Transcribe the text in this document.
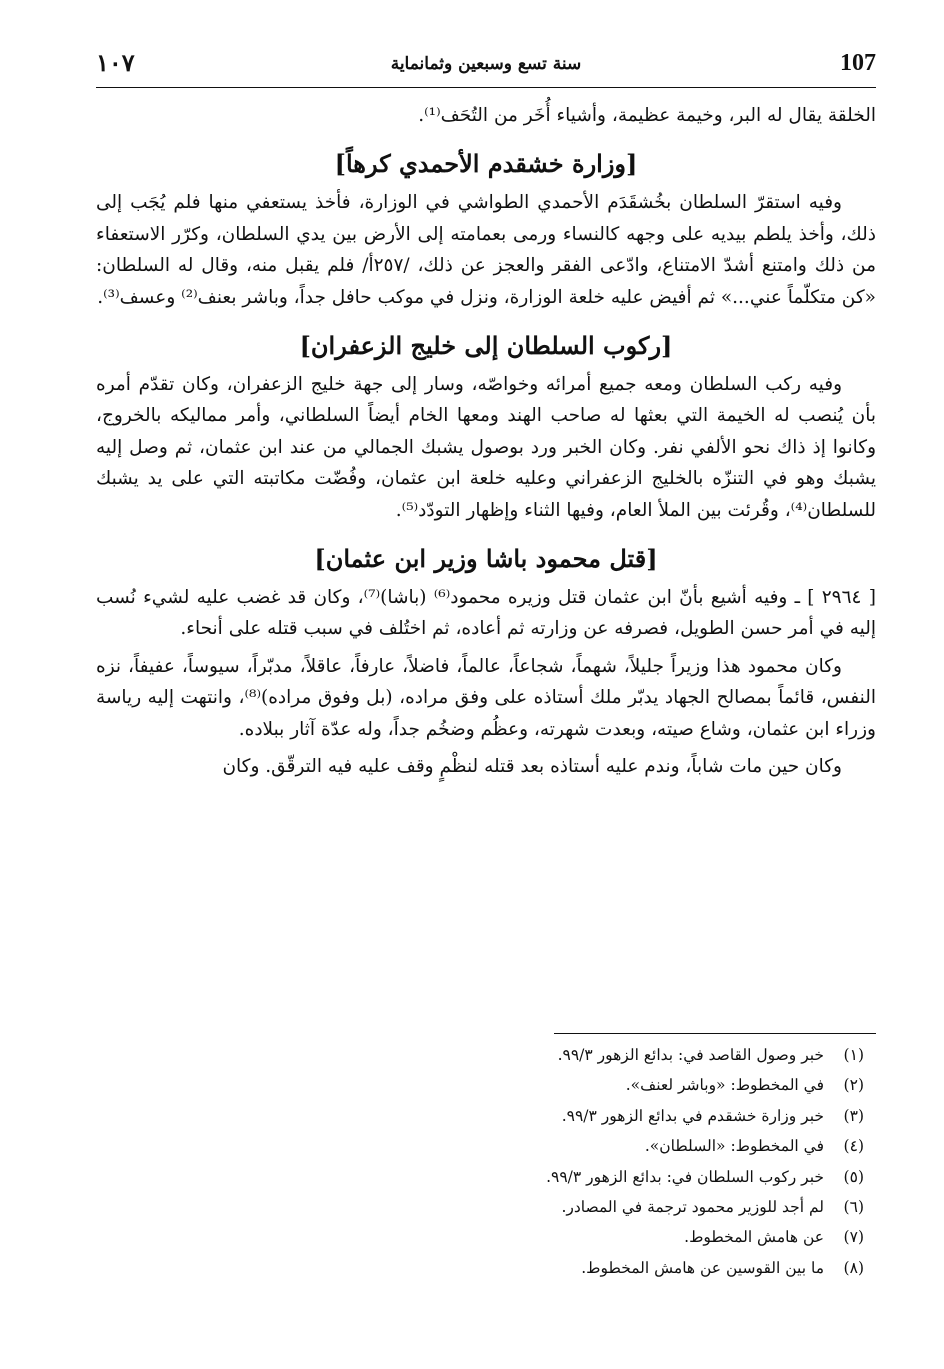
107
سنة تسع وسبعين وثمانماية
١٠٧

الخلقة يقال له البر، وخيمة عظيمة، وأشياء أُخَر من التُحَف⁽¹⁾.

[وزارة خشقدم الأحمدي كرهاً]

وفيه استقرّ السلطان بخُشقَدَم الأحمدي الطواشي في الوزارة، فأخذ يستعفي منها فلم يُجَب إلى ذلك، وأخذ يلطم بيديه على وجهه كالنساء ورمى بعمامته إلى الأرض بين يدي السلطان، وكرّر الاستعفاء من ذلك وامتنع أشدّ الامتناع، وادّعى الفقر والعجز عن ذلك، /٢٥٧أ/ فلم يقبل منه، وقال له السلطان: «كن متكلّماً عني...» ثم أفيض عليه خلعة الوزارة، ونزل في موكب حافل جداً، وباشر بعنف⁽²⁾ وعسف⁽³⁾.

[ركوب السلطان إلى خليج الزعفران]

وفيه ركب السلطان ومعه جميع أمرائه وخواصّه، وسار إلى جهة خليج الزعفران، وكان تقدّم أمره بأن يُنصب له الخيمة التي بعثها له صاحب الهند ومعها الخام أيضاً السلطاني، وأمر مماليكه بالخروج، وكانوا إذ ذاك نحو الألفي نفر. وكان الخبر ورد بوصول يشبك الجمالي من عند ابن عثمان، ثم وصل إليه يشبك وهو في التنزّه بالخليج الزعفراني وعليه خلعة ابن عثمان، وفُضّت مكاتبته التي على يد يشبك للسلطان⁽⁴⁾، وقُرئت بين الملأ العام، وفيها الثناء وإظهار التودّد⁽⁵⁾.

[قتل محمود باشا وزير ابن عثمان]

[ ٢٩٦٤ ] ـ وفيه أشيع بأنّ ابن عثمان قتل وزيره محمود⁽⁶⁾ (باشا)⁽⁷⁾، وكان قد غضب عليه لشيء نُسب إليه في أمر حسن الطويل، فصرفه عن وزارته ثم أعاده، ثم اختُلف في سبب قتله على أنحاء.

وكان محمود هذا وزيراً جليلاً، شهماً، شجاعاً، عالماً، فاضلاً، عارفاً، عاقلاً، مدبّراً، سيوساً، عفيفاً، نزه النفس، قائماً بمصالح الجهاد يدبّر ملك أستاذه على وفق مراده، (بل وفوق مراده)⁽⁸⁾، وانتهت إليه رياسة وزراء ابن عثمان، وشاع صيته، وبعدت شهرته، وعظُم وضخُم جداً، وله عدّة آثار ببلاده.

وكان حين مات شاباً، وندم عليه أستاذه بعد قتله لنظْمٍ وقف عليه فيه الترقّق. وكان

(١)
خبر وصول القاصد في: بدائع الزهور ٩٩/٣.
(٢)
في المخطوط: «وباشر لعنف».
(٣)
خبر وزارة خشقدم في بدائع الزهور ٩٩/٣.
(٤)
في المخطوط: «السلطان».
(٥)
خبر ركوب السلطان في: بدائع الزهور ٩٩/٣.
(٦)
لم أجد للوزير محمود ترجمة في المصادر.
(٧)
عن هامش المخطوط.
(٨)
ما بين القوسين عن هامش المخطوط.
